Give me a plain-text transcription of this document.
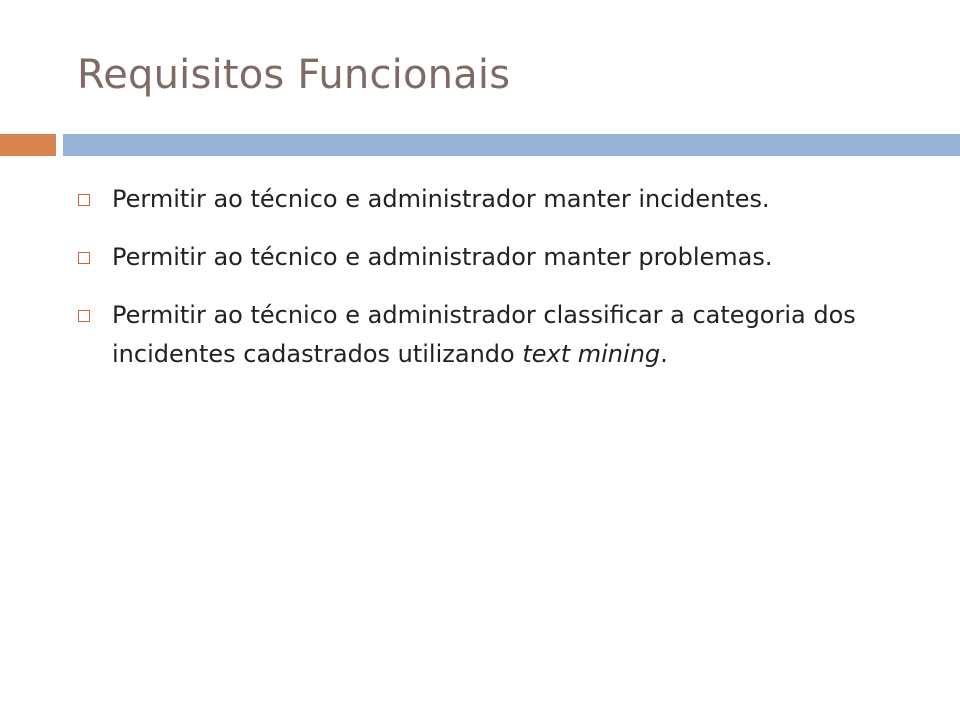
Requisitos Funcionais
Permitir ao técnico e administrador manter incidentes.
Permitir ao técnico e administrador manter problemas.
Permitir ao técnico e administrador classificar a categoria dos incidentes cadastrados utilizando text mining.
